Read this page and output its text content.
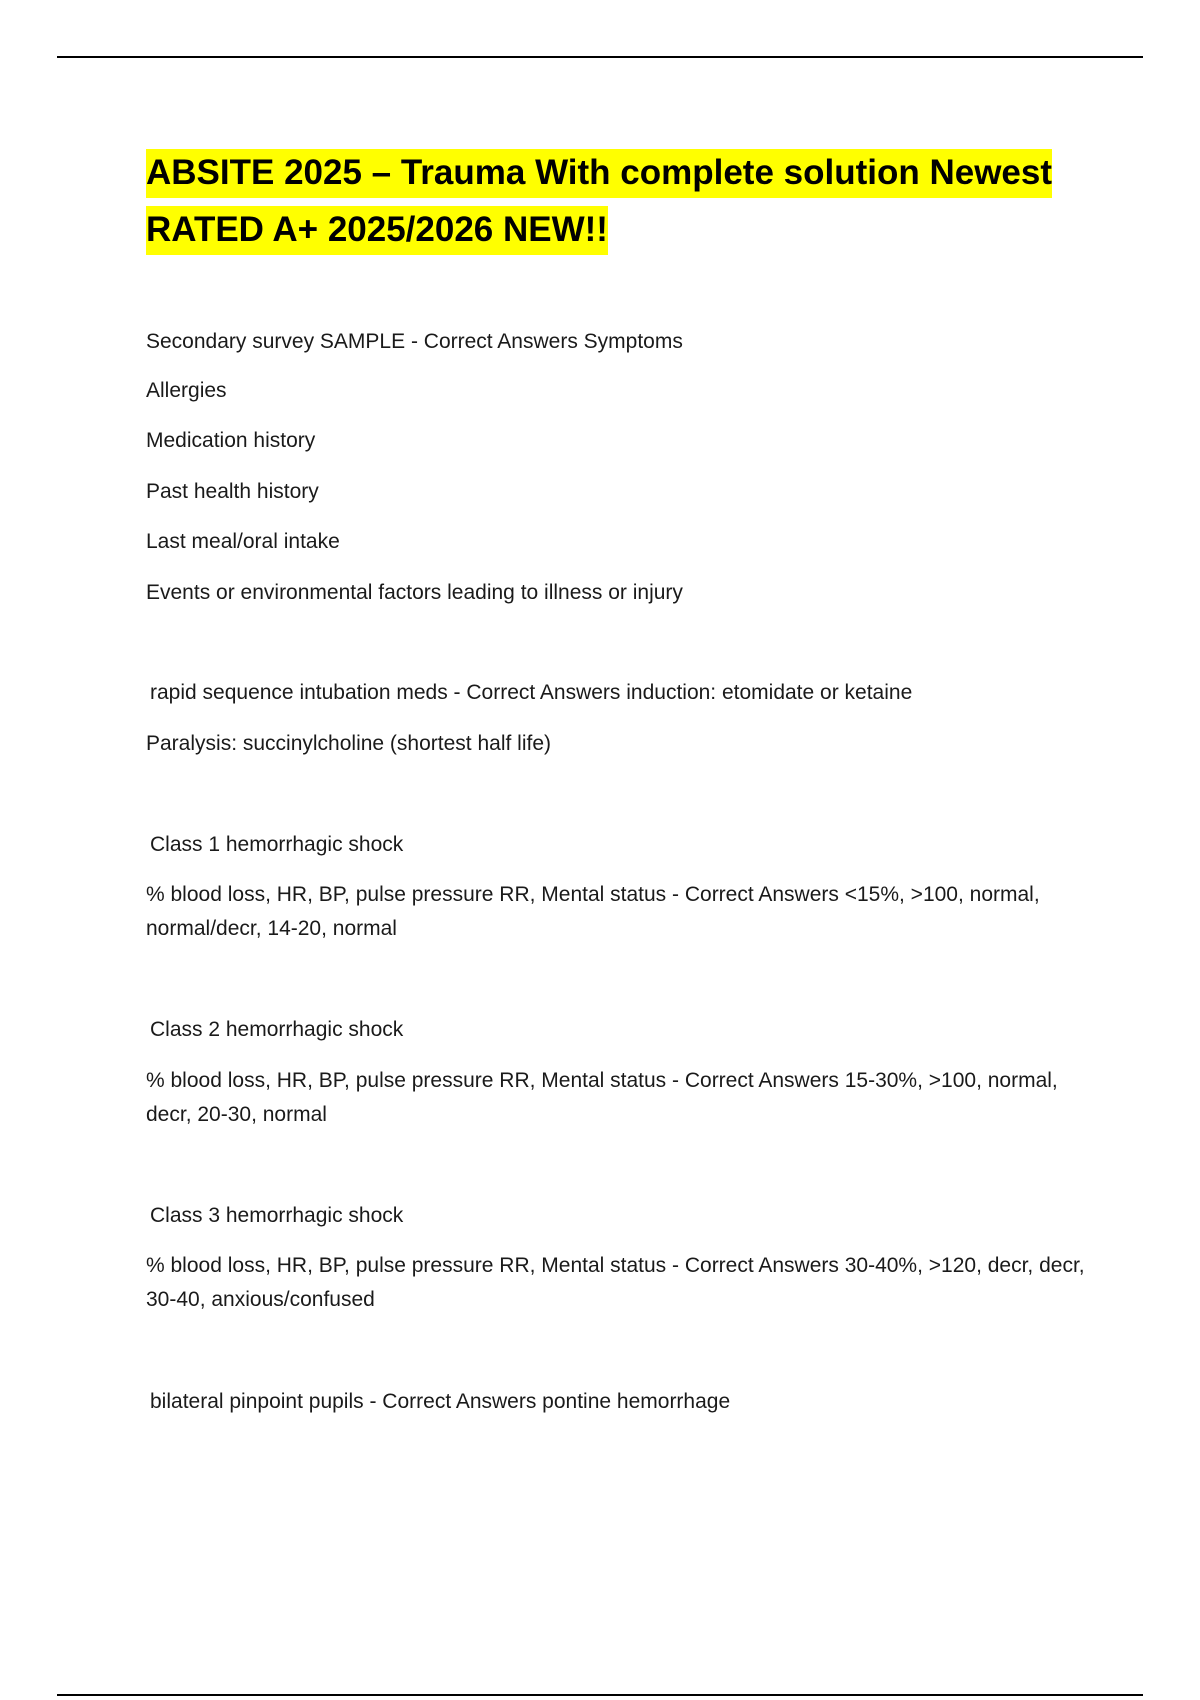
ABSITE 2025 – Trauma With complete solution Newest RATED A+ 2025/2026 NEW!!

Secondary survey SAMPLE - Correct Answers Symptoms

Allergies

Medication history

Past health history

Last meal/oral intake

Events or environmental factors leading to illness or injury

rapid sequence intubation meds - Correct Answers induction: etomidate or ketaine

Paralysis: succinylcholine (shortest half life)

Class 1 hemorrhagic shock

% blood loss, HR, BP, pulse pressure RR, Mental status - Correct Answers <15%, >100, normal, normal/decr, 14-20, normal

Class 2 hemorrhagic shock

% blood loss, HR, BP, pulse pressure RR, Mental status - Correct Answers 15-30%, >100, normal, decr, 20-30, normal

Class 3 hemorrhagic shock

% blood loss, HR, BP, pulse pressure RR, Mental status - Correct Answers 30-40%, >120, decr, decr, 30-40, anxious/confused

bilateral pinpoint pupils - Correct Answers pontine hemorrhage
